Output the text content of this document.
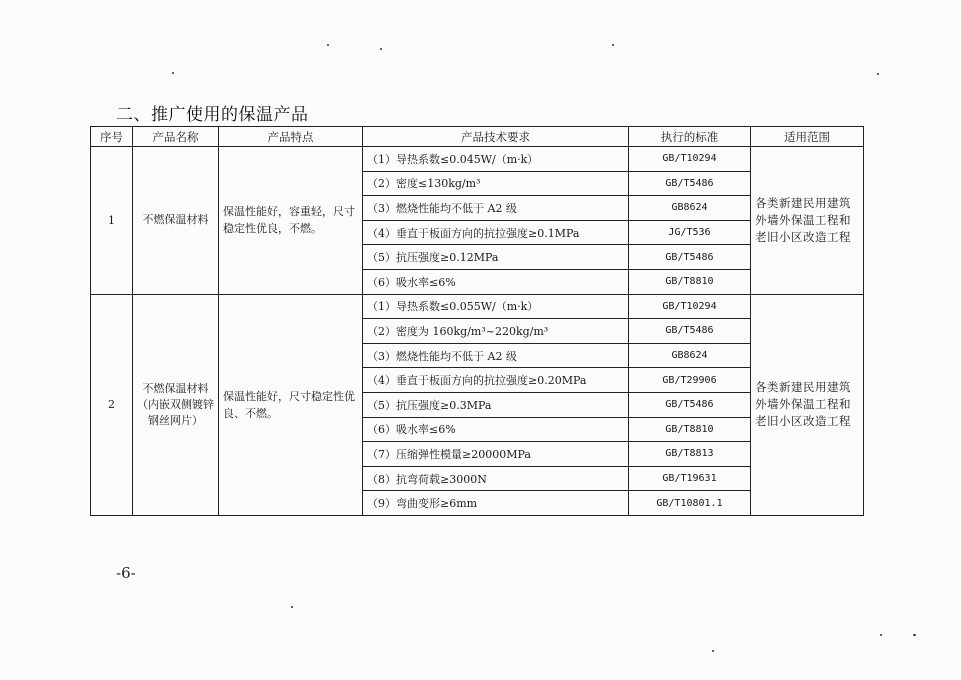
二、推广使用的保温产品
序号	产品名称	产品特点	产品技术要求	执行的标准	适用范围
1	不燃保温材料	保温性能好，容重轻，尺寸稳定性优良，不燃。	（1）导热系数≤0.045W/（m·k）	GB/T10294	各类新建民用建筑外墙外保温工程和老旧小区改造工程
			（2）密度≤130kg/m³	GB/T5486	
			（3）燃烧性能均不低于 A2 级	GB8624	
			（4）垂直于板面方向的抗拉强度≥0.1MPa	JG/T536	
			（5）抗压强度≥0.12MPa	GB/T5486	
			（6）吸水率≤6%	GB/T8810	
2	不燃保温材料（内嵌双侧镀锌钢丝网片）	保温性能好，尺寸稳定性优良、不燃。	（1）导热系数≤0.055W/（m·k）	GB/T10294	各类新建民用建筑外墙外保温工程和老旧小区改造工程
			（2）密度为 160kg/m³~220kg/m³	GB/T5486	
			（3）燃烧性能均不低于 A2 级	GB8624	
			（4）垂直于板面方向的抗拉强度≥0.20MPa	GB/T29906	
			（5）抗压强度≥0.3MPa	GB/T5486	
			（6）吸水率≤6%	GB/T8810	
			（7）压缩弹性模量≥20000MPa	GB/T8813	
			（8）抗弯荷载≥3000N	GB/T19631	
			（9）弯曲变形≥6mm	GB/T10801.1	
-6-
